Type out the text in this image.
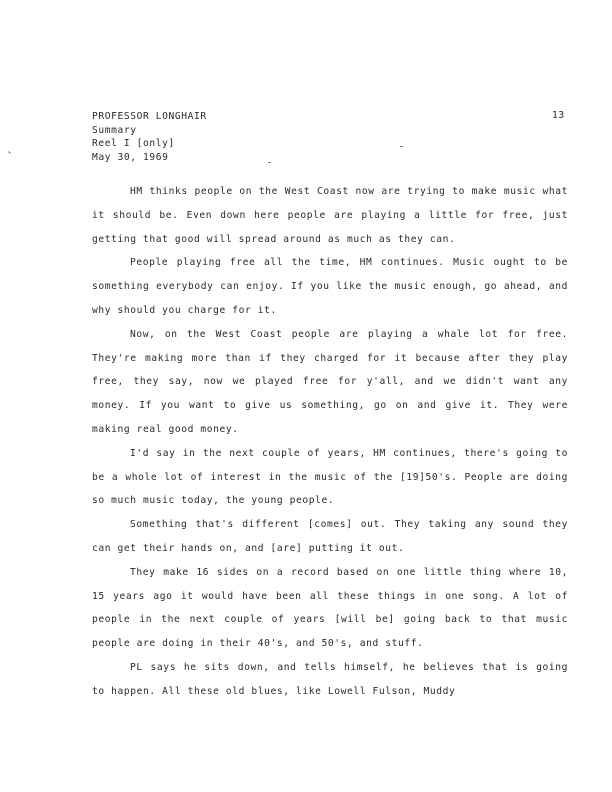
PROFESSOR LONGHAIR
Summary
Reel I [only]
May 30, 1969
13

HM thinks people on the West Coast now are trying to make music what it should be. Even down here people are playing a little for free, just getting that good will spread around as much as they can.

People playing free all the time, HM continues. Music ought to be something everybody can enjoy. If you like the music enough, go ahead, and why should you charge for it.

Now, on the West Coast people are playing a whale lot for free. They're making more than if they charged for it because after they play free, they say, now we played free for y'all, and we didn't want any money. If you want to give us something, go on and give it. They were making real good money.

I'd say in the next couple of years, HM continues, there's going to be a whole lot of interest in the music of the [19]50's. People are doing so much music today, the young people.

Something that's different [comes] out. They taking any sound they can get their hands on, and [are] putting it out.

They make 16 sides on a record based on one little thing where 10, 15 years ago it would have been all these things in one song. A lot of people in the next couple of years [will be] going back to that music people are doing in their 40's, and 50's, and stuff.

PL says he sits down, and tells himself, he believes that is going to happen. All these old blues, like Lowell Fulson, Muddy
